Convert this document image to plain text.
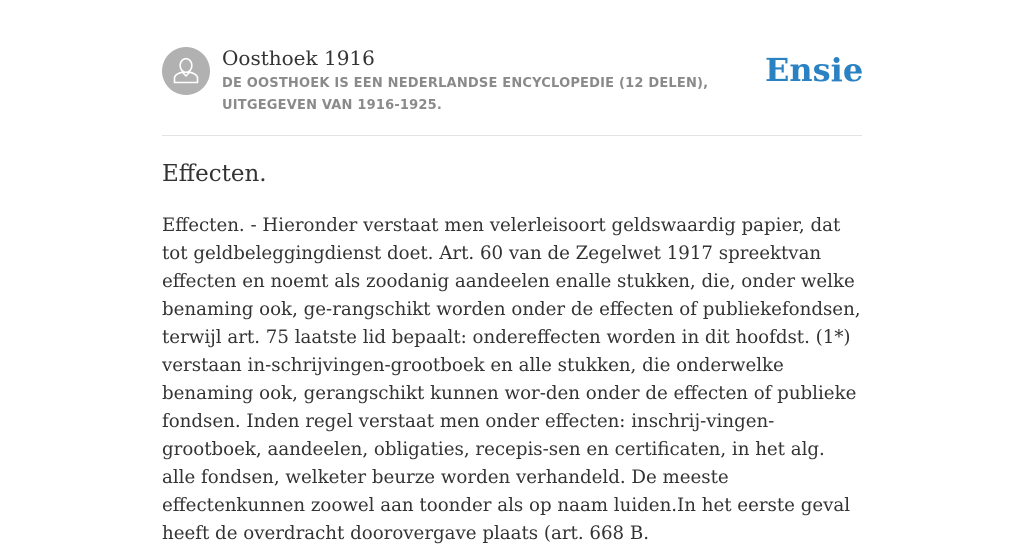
Oosthoek 1916
DE OOSTHOEK IS EEN NEDERLANDSE ENCYCLOPEDIE (12 DELEN), UITGEGEVEN VAN 1916-1925.
Ensie
Effecten.

Effecten. - Hieronder verstaat men velerleisoort geldswaardig papier, dat tot geldbeleggingdienst doet. Art. 60 van de Zegelwet 1917 spreektvan effecten en noemt als zoodanig aandeelen enalle stukken, die, onder welke benaming ook, ge-rangschikt worden onder de effecten of publiekefondsen, terwijl art. 75 laatste lid bepaalt: ondereffecten worden in dit hoofdst. (1*) verstaan in-schrijvingen-grootboek en alle stukken, die onderwelke benaming ook, gerangschikt kunnen wor-den onder de effecten of publieke fondsen. Inden regel verstaat men onder effecten: inschrij-vingen-grootboek, aandeelen, obligaties, recepis-sen en certificaten, in het alg. alle fondsen, welketer beurze worden verhandeld. De meeste effectenkunnen zoowel aan toonder als op naam luiden.In het eerste geval heeft de overdracht doorovergave plaats (art. 668 B.
